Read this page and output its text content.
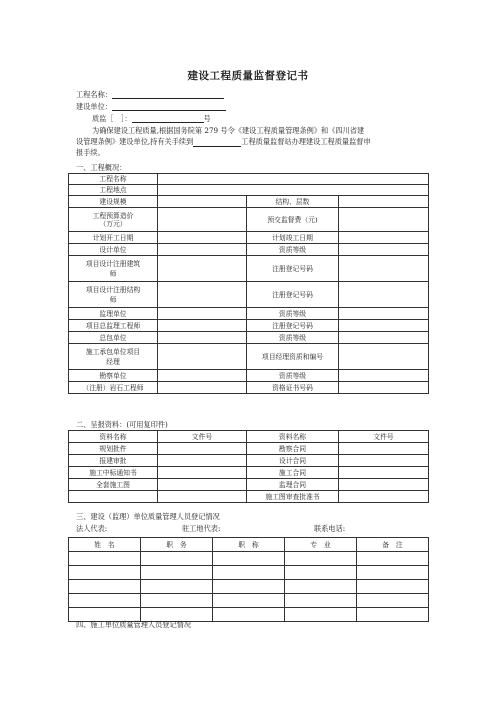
建设工程质量监督登记书
工程名称：
建设单位：
质监［　］：	号
为确保建设工程质量,根据国务院第 279 号令《建设工程质量管理条例》和《四川省建
设管理条例》建设单位,持有关手续到	工程质量监督站办理建设工程质量监督申
报手续。
一、工程概况：
工程名称			
工程地点			
建设规模		结构、层数	
工程预算造价（万元）		预交监督费（元)	
计划开工日期		计划竣工日期	
设计单位		资质等级	
项目设计注册建筑师		注册登记号码	
项目设计注册结构师		注册登记号码	
监理单位		资质等级	
项目总监理工程师		注册登记号码	
总包单位		资质等级	
施工承包单位项目经理		项目经理资质和编号	
勘察单位		资质等级	
（注册）岩石工程师		资格证书号码	
二、呈报资料：(可用复印件)
资料名称	文件号	资料名称	文件号
规划批件		勘察合同	
报建审批		设计合同	
施工中标通知书		施工合同	
全套施工图		监理合同	
		施工图审查批准书	
三、建设（监理）单位质量管理人员登记情况
法人代表:	驻工地代表:	联系电话:
姓　名	职　务	职　称	专　业	备　注

四、施工单位质量管理人员登记情况
